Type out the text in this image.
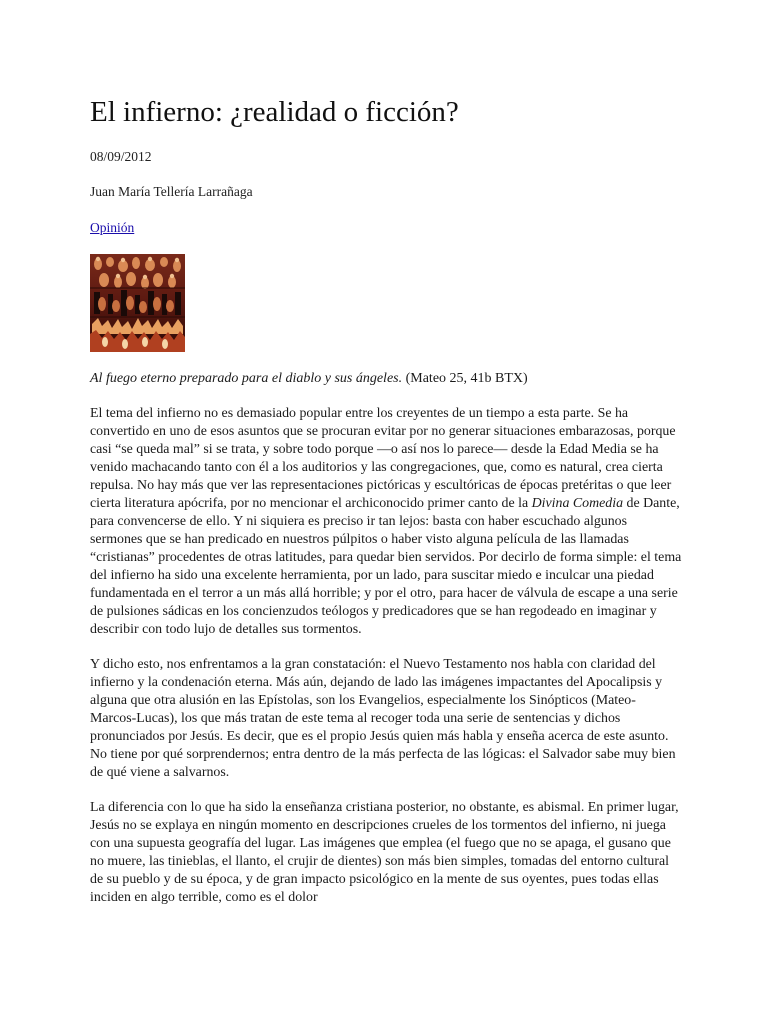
El infierno: ¿realidad o ficción?
08/09/2012
Juan María Tellería Larrañaga
Opinión
Al fuego eterno preparado para el diablo y sus ángeles. (Mateo 25, 41b BTX)

El tema del infierno no es demasiado popular entre los creyentes de un tiempo a esta parte. Se ha convertido en uno de esos asuntos que se procuran evitar por no generar situaciones embarazosas, porque casi “se queda mal” si se trata, y sobre todo porque —o así nos lo parece— desde la Edad Media se ha venido machacando tanto con él a los auditorios y las congregaciones, que, como es natural, crea cierta repulsa. No hay más que ver las representaciones pictóricas y escultóricas de épocas pretéritas o que leer cierta literatura apócrifa, por no mencionar el archiconocido primer canto de la Divina Comedia de Dante, para convencerse de ello. Y ni siquiera es preciso ir tan lejos: basta con haber escuchado algunos sermones que se han predicado en nuestros púlpitos o haber visto alguna película de las llamadas “cristianas” procedentes de otras latitudes, para quedar bien servidos. Por decirlo de forma simple: el tema del infierno ha sido una excelente herramienta, por un lado, para suscitar miedo e inculcar una piedad fundamentada en el terror a un más allá horrible; y por el otro, para hacer de válvula de escape a una serie de pulsiones sádicas en los concienzudos teólogos y predicadores que se han regodeado en imaginar y describir con todo lujo de detalles sus tormentos.

Y dicho esto, nos enfrentamos a la gran constatación: el Nuevo Testamento nos habla con claridad del infierno y la condenación eterna. Más aún, dejando de lado las imágenes impactantes del Apocalipsis y alguna que otra alusión en las Epístolas, son los Evangelios, especialmente los Sinópticos (Mateo-Marcos-Lucas), los que más tratan de este tema al recoger toda una serie de sentencias y dichos pronunciados por Jesús. Es decir, que es el propio Jesús quien más habla y enseña acerca de este asunto. No tiene por qué sorprendernos; entra dentro de la más perfecta de las lógicas: el Salvador sabe muy bien de qué viene a salvarnos.

La diferencia con lo que ha sido la enseñanza cristiana posterior, no obstante, es abismal. En primer lugar, Jesús no se explaya en ningún momento en descripciones crueles de los tormentos del infierno, ni juega con una supuesta geografía del lugar. Las imágenes que emplea (el fuego que no se apaga, el gusano que no muere, las tinieblas, el llanto, el crujir de dientes) son más bien simples, tomadas del entorno cultural de su pueblo y de su época, y de gran impacto psicológico en la mente de sus oyentes, pues todas ellas inciden en algo terrible, como es el dolor
